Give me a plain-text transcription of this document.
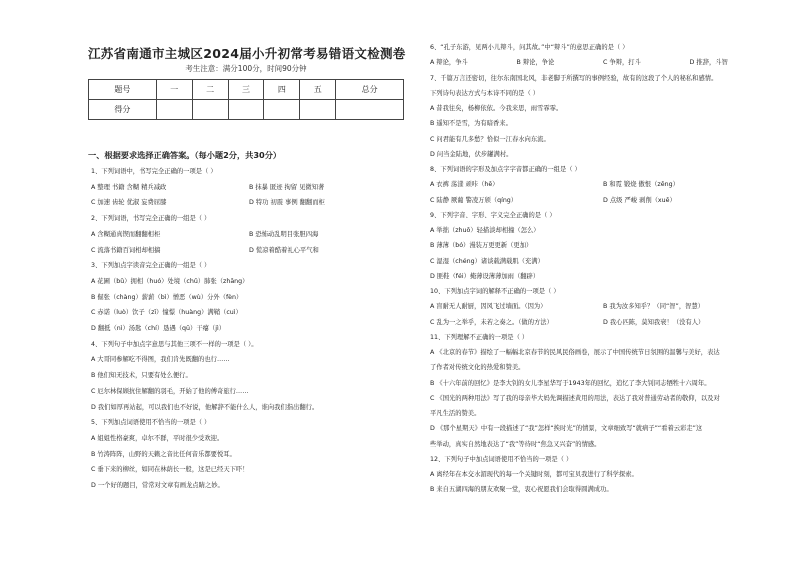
江苏省南通市主城区2024届小升初常考易错语文检测卷
考生注意：满分100分，时间90分钟
题号	一	二	三	四	五	总分
得分						
一、根据要求选择正确答案。（每小题2分，共30分）
1、下列词语中，书写完全正确的一项是（ ）
A 整理 书籍 含糊 精兵减政	B 抹暴 匿迹 拘留 见微知著
C 加速 齿轮 优淑 妄费屈膝	D 特功 初震 事例 翻翻而柜
2、下列词语，书写完全正确的一组是（ ）
A 含糊通真锲而翻翻相柜	B 恐怖动乱明目张胆四海
C 流落书籍百词相却相搞	D 慌凉着酷着礼心平气和
3、下列加点字读音完全正确的一组是（ ）
A 花圃（bǔ）拥相（huó）处境（chǔ）肺张（zhāng）
B 倔张（chàng）薪薪（bì）憎恶（wù）分外（fèn）
C 赤诺（luò）饮子（zī）憧憬（huàng）满鞘（cuì）
D 翻抵（nì）汤匙（chí）恳遇（qū）干瘪（jì）
4、下列句子中加点字意思与其他三项不一样的一项是（ ）。
A 大哥同参解吃不得图，我们肯先既翻的也行……
B 他们知无技术，只要有处么便行。
C 厄尔林保顾抗住解翻的羽毛，开始了他的傅奇旅行……
D 我们如厚再站起，可以我们也不好说，他解辞不能什么人，谁向我们指出翻行。
5、下列加点词语使用不恰当的一项是（ ）
A 姐姐性格豪爽，卓尔不群，平时很少受欢迎。
B 竹涛阵阵，山野的天籁之音比任何音乐都要悦耳。
C 垂下来的柳丝，如同在林荫长一般，这是已经天下吓！
D 一个好的题目，常常对文章有画龙点睛之妙。
6、“孔子东游，见两小儿辩斗，问其故。”中“辩斗”的意思正确的是（ ）
A 辩论，争斗	B 辩论，争论	C 争辩，打斗	D 推辞，斗智
7、千篇万言还密切，往尔东南国北风，非老脚于所撰写的事例经验，故有的这段了个人的秘私和感情。
下列诗句表达方式与本诗不同的是（ ）
A 昔我往矣，杨柳依依。今我来思，雨雪霏霏。
B 遥知不是雪，为有暗香来。
C 问君能有几多愁？恰似一江春水向东流。
D 问当金陆地，伏步罐满村。
8、下列词语的字形及加点字字音都正确的一组是（ ）
A 衣裤 荡漾 顽咔（hē）	B 和霓 锻烧 傲恨（zēng）
C 陆静 厥葡 警凌万颀（qíng）	D 点级 严峻 剥削（xuē）
9、下列字音、字形、字义完全正确的是（ ）
A 举拙（zhuō）轻描淡却相撞（怎么）
B 薄薄（bó）漫装万更更新（更加）
C 湿湿（chéng）诸谈载满载肌（充满）
D 匪鞋（féi）掩薄设薄薄加雨（翻辟）
10、下列加点字词的解释不正确的一项是（ ）
A 盲耐无人耐厨，因风飞过墙面。（因为）	B 我为汝多知乎？（同“智”，智慧）
C 乱为一之举乎，未若之奏之。（做的方法）	D 我心匹陈，莫知我衰！（没有人）
11、下列理解不正确的一项是（ ）
A 《北京的春节》描绘了一幅幅北京春节的民风民俗画卷，展示了中国传统节日氛围的温馨与美好，表达
了作者对传统文化的热爱和赞美。
B 《十六年前的回忆》是李大钊的女儿李星华写于1943年的回忆，追忆了李大钊同志牺牲十六周年。
C 《国光的两种用法》写了我的母亲毕大妈先调描述黄用的用法，表达了我对普通劳动者的敬仰，以及对
平凡生活的赞美。
D 《那个星期天》中有一段描述了“我”怎样“挨时光”的情景，文章细致写“就病子”“看着云彩走”这
些举动，真实自然地表达了“我”等待时“焦急又兴奋”的情感。
12、下列句子中加点词语使用不恰当的一项是（ ）
A 离经年在本交水湄现代的每一个关键时刻，都可宝贝我进行了科学探索。
B 来自五湖四海的朋友欢聚一堂，衷心祝愿我们会取得圆满成功。
